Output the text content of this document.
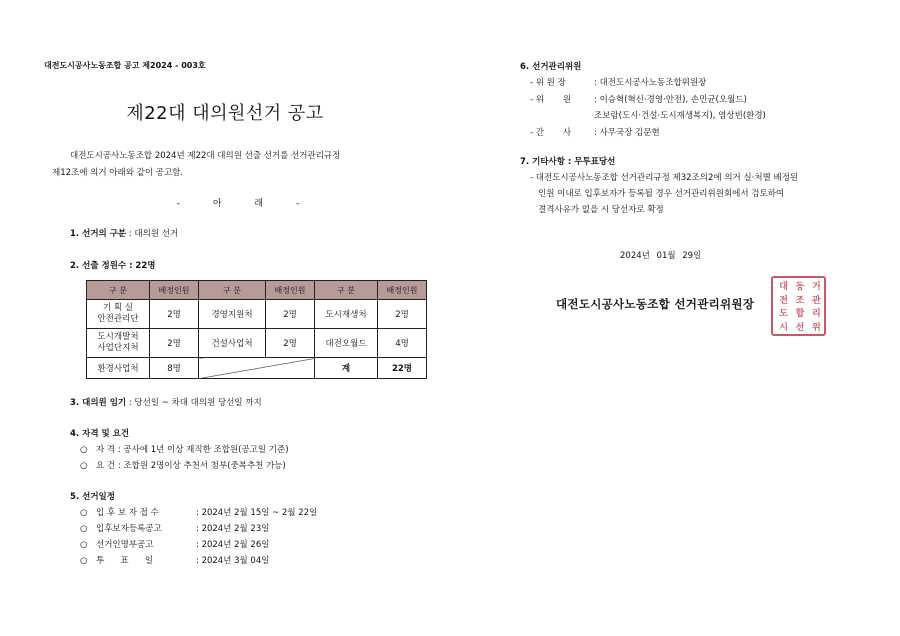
대전도시공사노동조합 공고 제2024 - 003호
제22대 대의원선거 공고
대전도시공사노동조합 2024년 제22대 대의원 선출 선거를 선거관리규정
제12조에 의거 아래와 같이 공고함.
- 아 래 -
1. 선거의 구분 : 대의원 선거
2. 선출 정원수 : 22명
구 분	배정인원	구 분	배정인원	구 분	배정인원
기 획 실
안전관리단	2명	경영지원처	2명	도시재생처	2명
도시개발처
사업단지처	2명	건설사업처	2명	대전오월드	4명
환경사업처	8명			계	22명
3. 대의원 임기 : 당선일 ~ 차대 대의원 당선일 까지
4. 자격 및 요건
○ 자 격 : 공사에 1년 이상 재직한 조합원(공고일 기준)
○ 요 건 : 조합원 2명이상 추천서 첨부(중복추천 가능)
5. 선거일정
○ 입 후 보 자 접 수	: 2024년 2월 15일 ~ 2월 22일
○ 입후보자등록공고	: 2024년 2월 23일
○ 선거인명부공고	: 2024년 2월 26일
○ 투      표      일	: 2024년 3월 04일
6. 선거관리위원
- 위 원 장	: 대전도시공사노동조합위원장
- 위       원	: 이승혁(혁신·경영·안전), 손민균(오월드)
조보람(도시·건설·도시재생복지), 염상빈(환경)
- 간       사	: 사무국장 김문현
7. 기타사항 : 무투표당선
- 대전도시공사노동조합 선거관리규정 제32조의2에 의거 실·처별 배정된
인원 이내로 입후보자가 등록될 경우 선거관리위원회에서 검토하여
결격사유가 없을 시 당선자로 확정
2024년 01월 29일
대 동 거
전 조 관
도 합 리
시 선 위
대전도시공사노동조합 선거관리위원장
